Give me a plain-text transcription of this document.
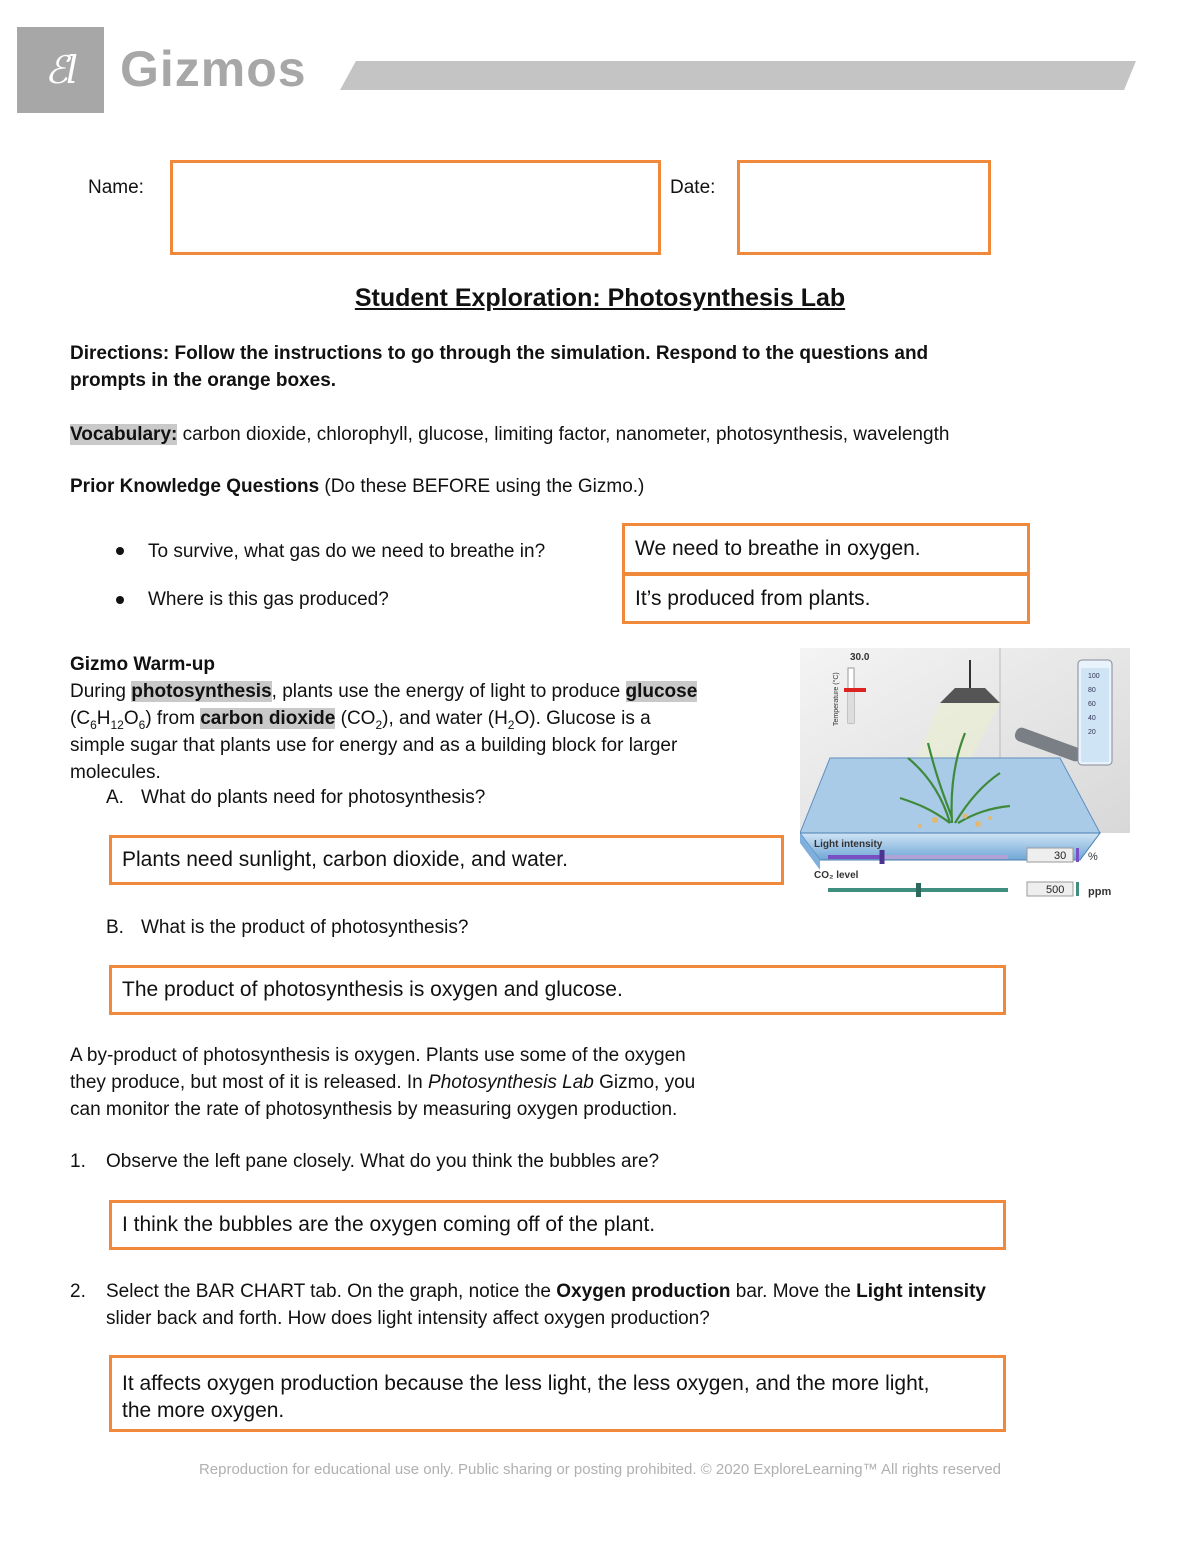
ℰl Gizmos
Name:	Date:
Student Exploration: Photosynthesis Lab
Directions: Follow the instructions to go through the simulation. Respond to the questions and
prompts in the orange boxes.
Vocabulary: carbon dioxide, chlorophyll, glucose, limiting factor, nanometer, photosynthesis, wavelength
Prior Knowledge Questions (Do these BEFORE using the Gizmo.)
To survive, what gas do we need to breathe in?	We need to breathe in oxygen.
Where is this gas produced?	It’s produced from plants.
Gizmo Warm-up
During photosynthesis, plants use the energy of light to produce glucose
$(C_6H_{12}O_6)$ from carbon dioxide $(CO_2)$, and water $(H_2O)$. Glucose is a
simple sugar that plants use for energy and as a building block for larger
molecules.
A. What do plants need for photosynthesis?
Plants need sunlight, carbon dioxide, and water.
B. What is the product of photosynthesis?
The product of photosynthesis is oxygen and glucose.
30.0
Temperature (°C)	100
80
60
40
20
Light intensity
30 %
CO₂ level
500 ppm
A by-product of photosynthesis is oxygen. Plants use some of the oxygen
they produce, but most of it is released. In Photosynthesis Lab Gizmo, you
can monitor the rate of photosynthesis by measuring oxygen production.
1. Observe the left pane closely. What do you think the bubbles are?
I think the bubbles are the oxygen coming off of the plant.
2. Select the BAR CHART tab. On the graph, notice the Oxygen production bar. Move the Light intensity
slider back and forth. How does light intensity affect oxygen production?
It affects oxygen production because the less light, the less oxygen, and the more light,
the more oxygen.
Reproduction for educational use only. Public sharing or posting prohibited. © 2020 ExploreLearning™ All rights reserved
